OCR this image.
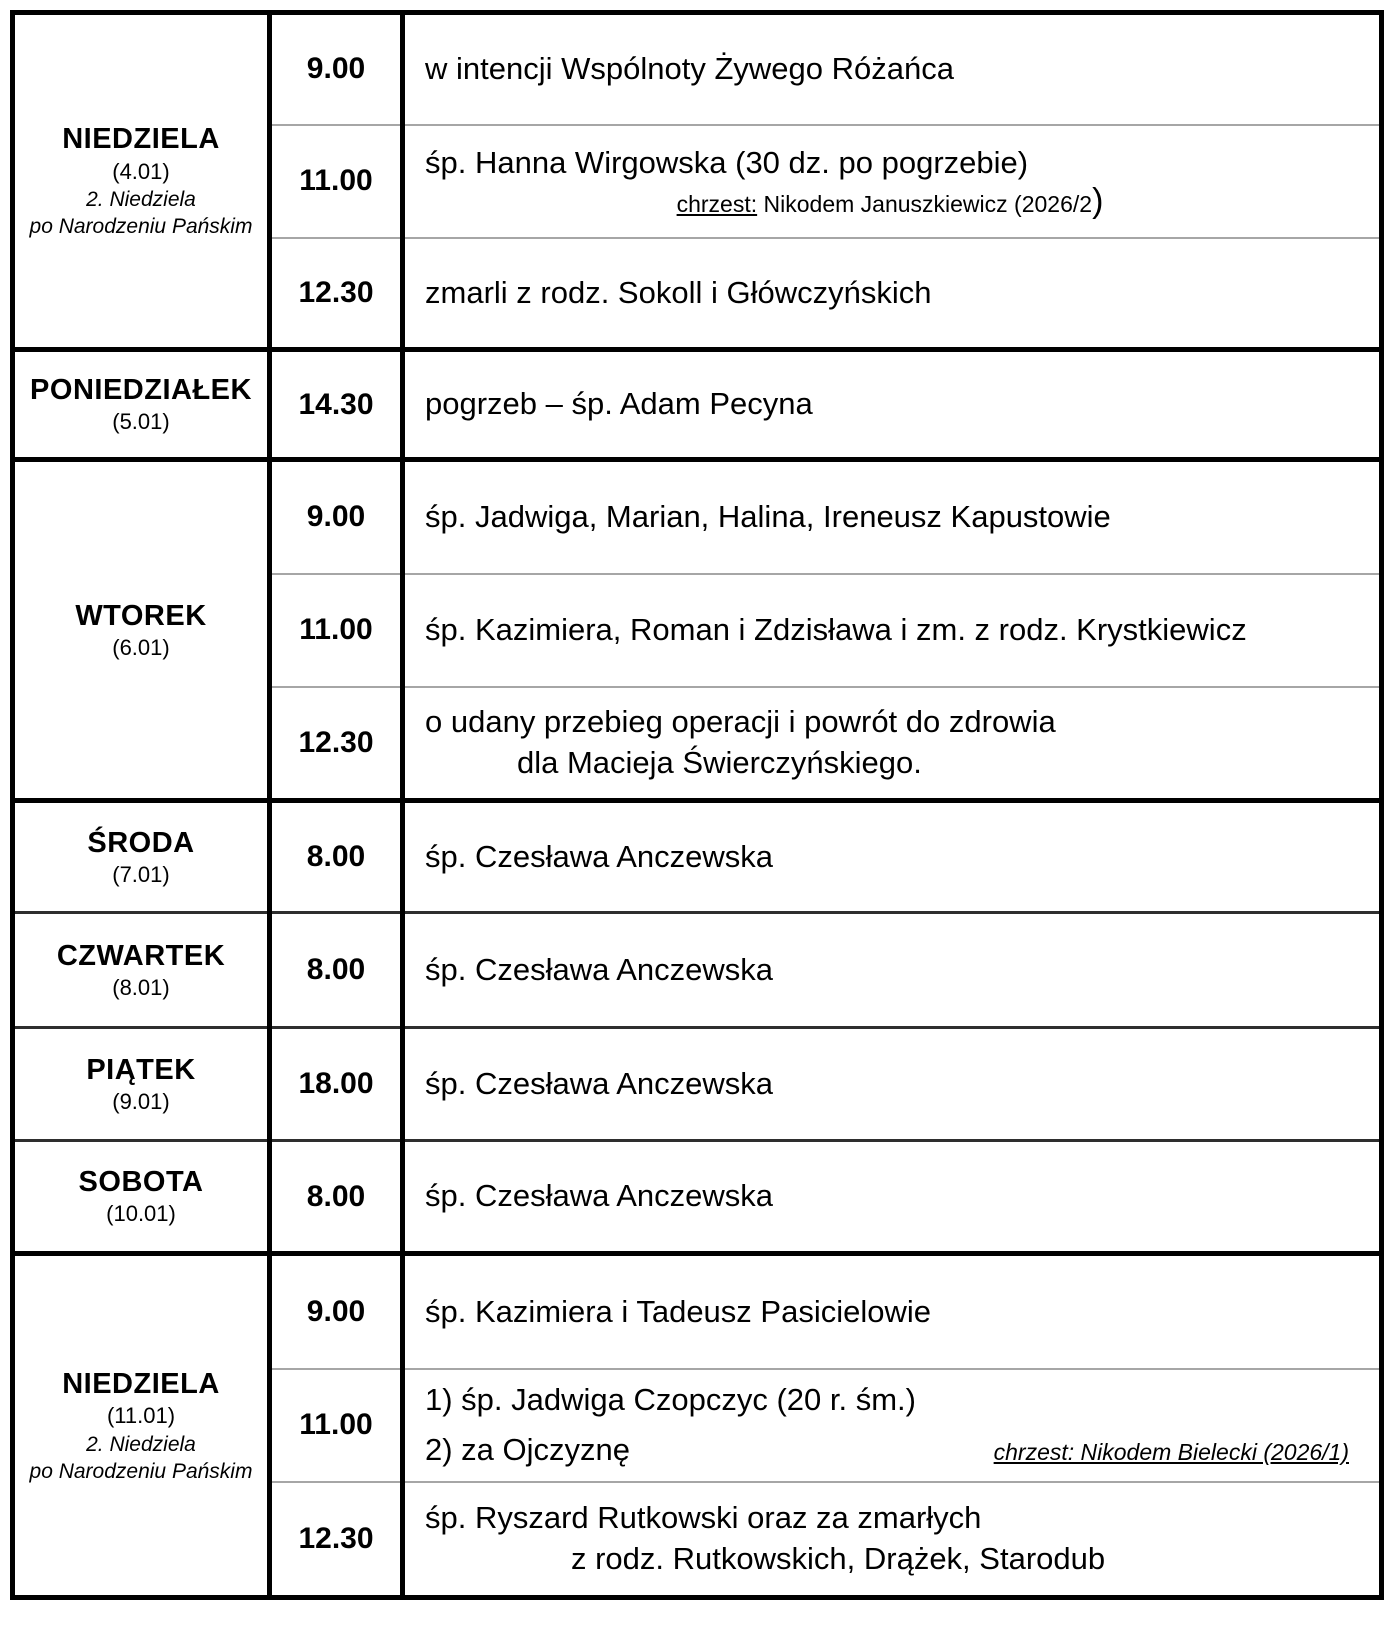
NIEDZIELA
(4.01)
2. Niedziela
po Narodzeniu Pańskim	9.00	w intencji Wspólnoty Żywego Różańca

	11.00	śp. Hanna Wirgowska (30 dz. po pogrzebie)
chrzest: Nikodem Januszkiewicz (2026/2)

	12.30	zmarli z rodz. Sokoll i Główczyńskich

PONIEDZIAŁEK
(5.01)	14.30	pogrzeb – śp. Adam Pecyna

WTOREK
(6.01)	9.00	śp. Jadwiga, Marian, Halina, Ireneusz Kapustowie

	11.00	śp. Kazimiera, Roman i Zdzisława i zm. z rodz. Krystkiewicz

	12.30	o udany przebieg operacji i powrót do zdrowia
dla Macieja Świerczyńskiego.

ŚRODA
(7.01)	8.00	śp. Czesława Anczewska

CZWARTEK
(8.01)	8.00	śp. Czesława Anczewska

PIĄTEK
(9.01)	18.00	śp. Czesława Anczewska

SOBOTA
(10.01)	8.00	śp. Czesława Anczewska

NIEDZIELA
(11.01)
2. Niedziela
po Narodzeniu Pańskim	9.00	śp. Kazimiera i Tadeusz Pasicielowie

	11.00	1) śp. Jadwiga Czopczyc (20 r. śm.)
2) za Ojczyznę chrzest: Nikodem Bielecki (2026/1)

	12.30	śp. Ryszard Rutkowski oraz za zmarłych
z rodz. Rutkowskich, Drążek, Starodub
